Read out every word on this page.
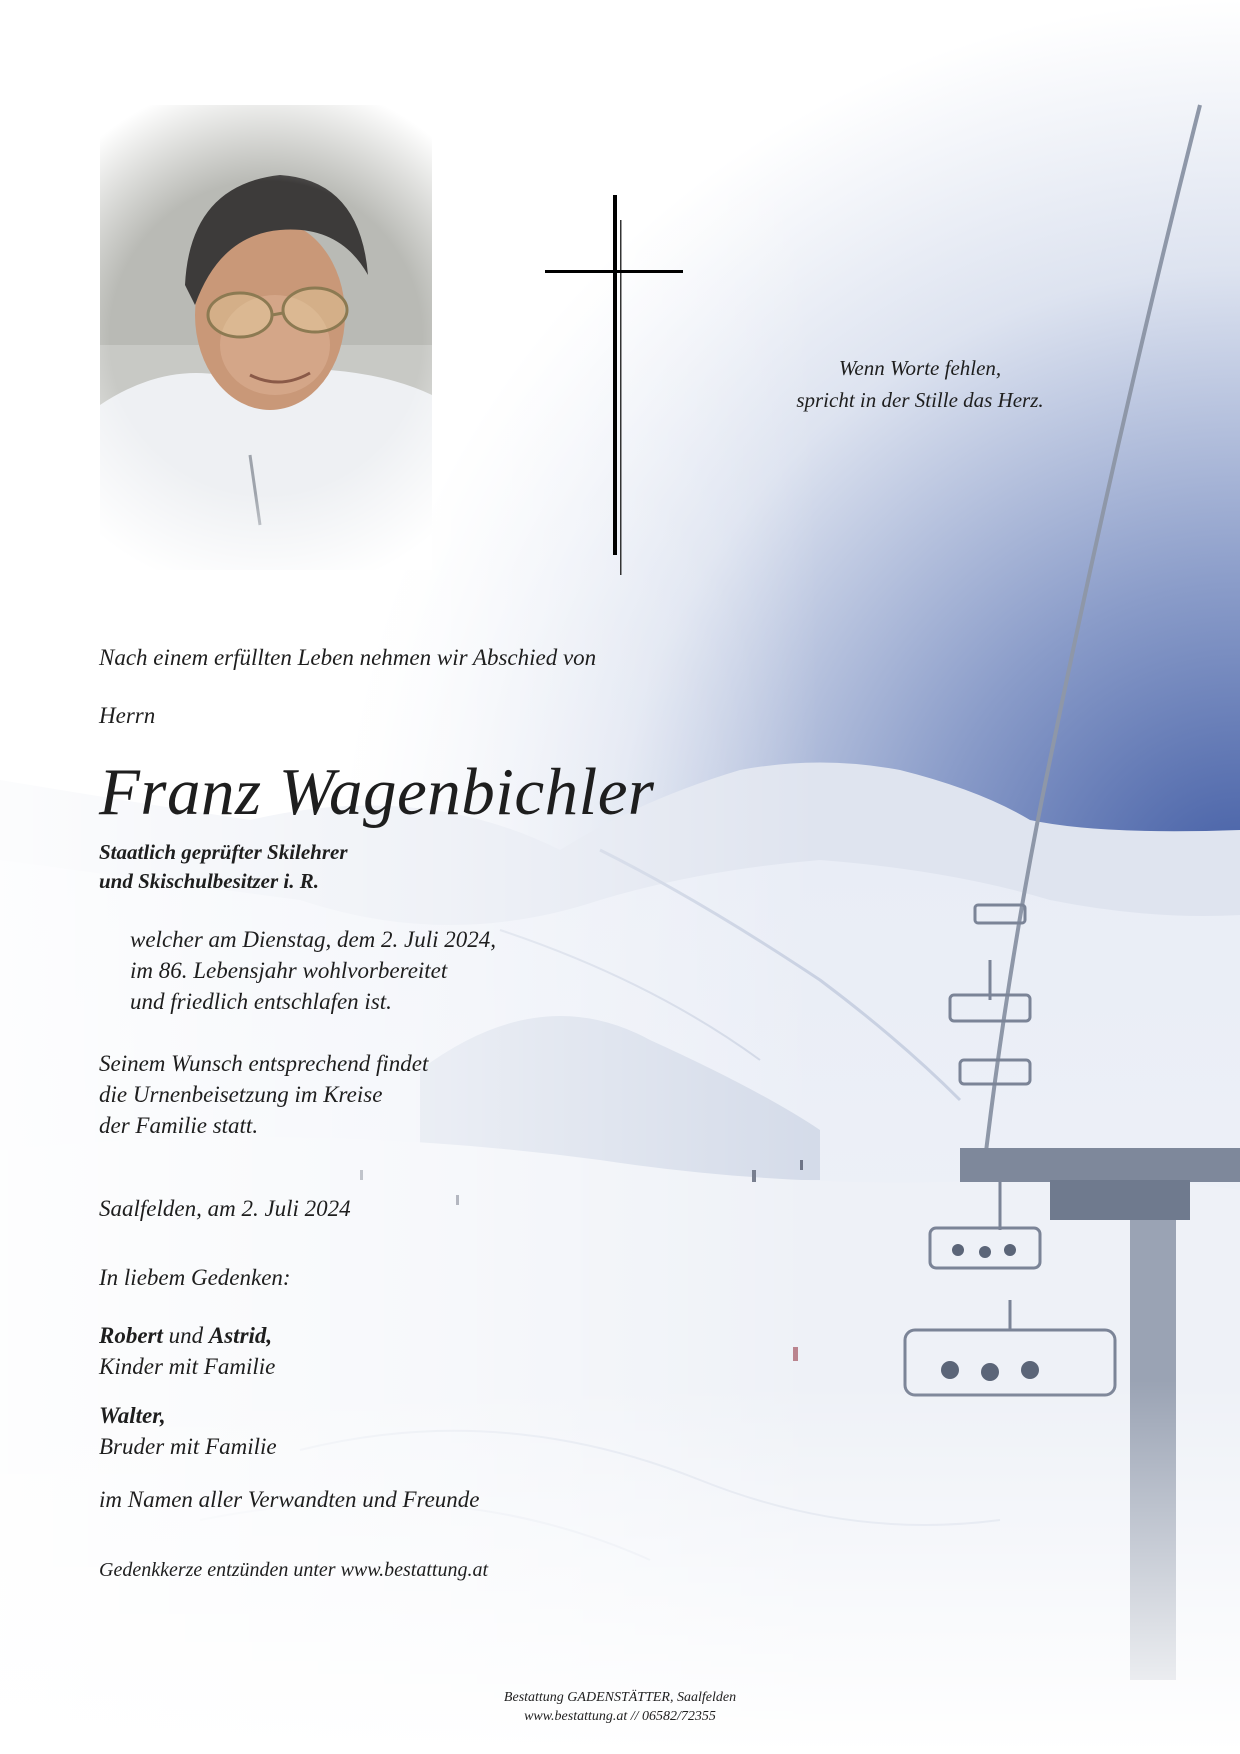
Wenn Worte fehlen,
spricht in der Stille das Herz.
Nach einem erfüllten Leben nehmen wir Abschied von
Herrn
Franz Wagenbichler
Staatlich geprüfter Skilehrer
und Skischulbesitzer i. R.
welcher am Dienstag, dem 2. Juli 2024,
im 86. Lebensjahr wohlvorbereitet
und friedlich entschlafen ist.
Seinem Wunsch entsprechend findet
die Urnenbeisetzung im Kreise
der Familie statt.
Saalfelden, am 2. Juli 2024
In liebem Gedenken:
Robert und Astrid,
Kinder mit Familie
Walter,
Bruder mit Familie
im Namen aller Verwandten und Freunde
Gedenkkerze entzünden unter www.bestattung.at
Bestattung GADENSTÄTTER, Saalfelden
www.bestattung.at // 06582/72355
